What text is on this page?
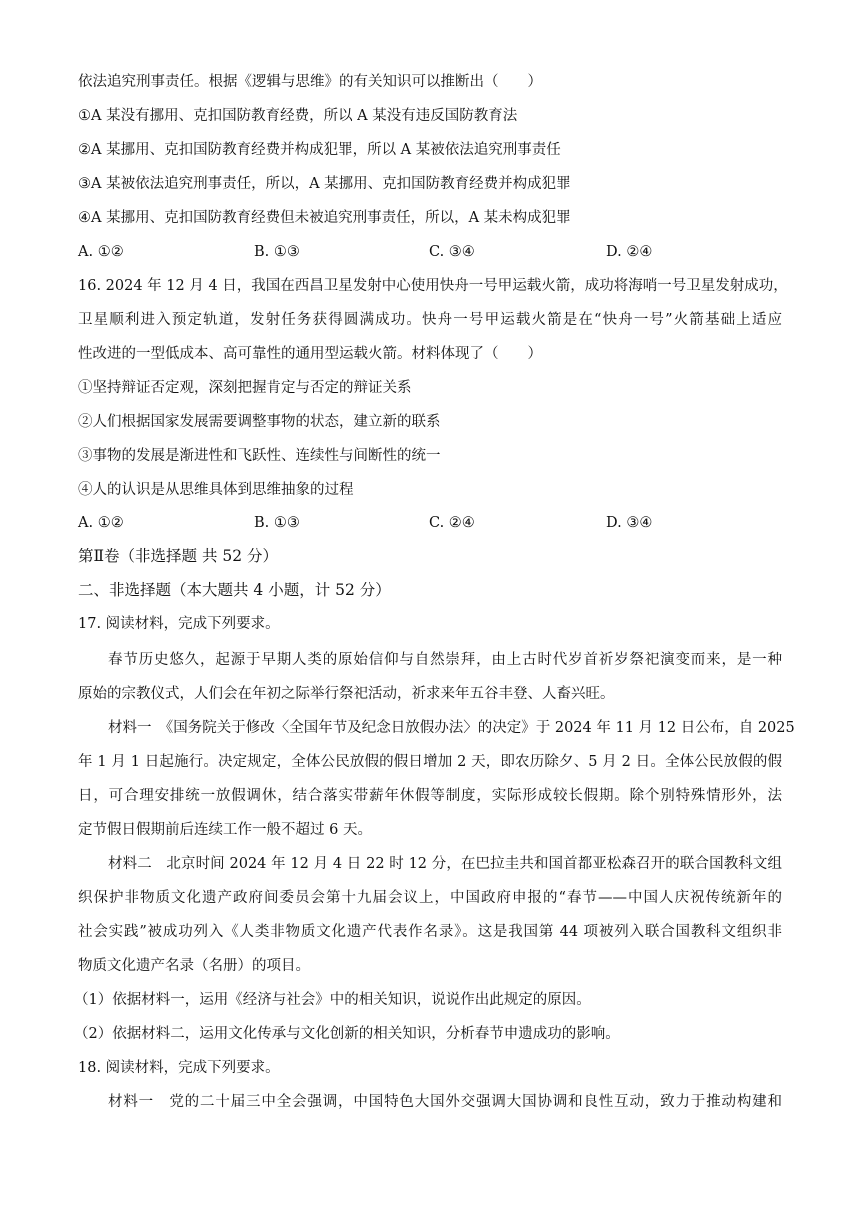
依法追究刑事责任。根据《逻辑与思维》的有关知识可以推断出（　　）
①A 某没有挪用、克扣国防教育经费，所以 A 某没有违反国防教育法
②A 某挪用、克扣国防教育经费并构成犯罪，所以 A 某被依法追究刑事责任
③A 某被依法追究刑事责任，所以，A 某挪用、克扣国防教育经费并构成犯罪
④A 某挪用、克扣国防教育经费但未被追究刑事责任，所以，A 某未构成犯罪
A. ①②	B. ①③	C. ③④	D. ②④
16. 2024 年 12 月 4 日，我国在西昌卫星发射中心使用快舟一号甲运载火箭，成功将海哨一号卫星发射成功，
卫星顺利进入预定轨道，发射任务获得圆满成功。快舟一号甲运载火箭是在“快舟一号”火箭基础上适应
性改进的一型低成本、高可靠性的通用型运载火箭。材料体现了（　　）
①坚持辩证否定观，深刻把握肯定与否定的辩证关系
②人们根据国家发展需要调整事物的状态，建立新的联系
③事物的发展是渐进性和飞跃性、连续性与间断性的统一
④人的认识是从思维具体到思维抽象的过程
A. ①②	B. ①③	C. ②④	D. ③④
第Ⅱ卷（非选择题 共 52 分）
二、非选择题（本大题共 4 小题，计 52 分）
17. 阅读材料，完成下列要求。
春节历史悠久，起源于早期人类的原始信仰与自然崇拜，由上古时代岁首祈岁祭祀演变而来，是一种
原始的宗教仪式，人们会在年初之际举行祭祀活动，祈求来年五谷丰登、人畜兴旺。
材料一　《国务院关于修改〈全国年节及纪念日放假办法〉的决定》于 2024 年 11 月 12 日公布，自 2025
年 1 月 1 日起施行。决定规定，全体公民放假的假日增加 2 天，即农历除夕、5 月 2 日。全体公民放假的假
日，可合理安排统一放假调休，结合落实带薪年休假等制度，实际形成较长假期。除个别特殊情形外，法
定节假日假期前后连续工作一般不超过 6 天。
材料二　北京时间 2024 年 12 月 4 日 22 时 12 分，在巴拉圭共和国首都亚松森召开的联合国教科文组
织保护非物质文化遗产政府间委员会第十九届会议上，中国政府申报的“春节——中国人庆祝传统新年的
社会实践”被成功列入《人类非物质文化遗产代表作名录》。这是我国第 44 项被列入联合国教科文组织非
物质文化遗产名录（名册）的项目。
（1）依据材料一，运用《经济与社会》中的相关知识，说说作出此规定的原因。
（2）依据材料二，运用文化传承与文化创新的相关知识，分析春节申遗成功的影响。
18. 阅读材料，完成下列要求。
材料一　党的二十届三中全会强调，中国特色大国外交强调大国协调和良性互动，致力于推动构建和
